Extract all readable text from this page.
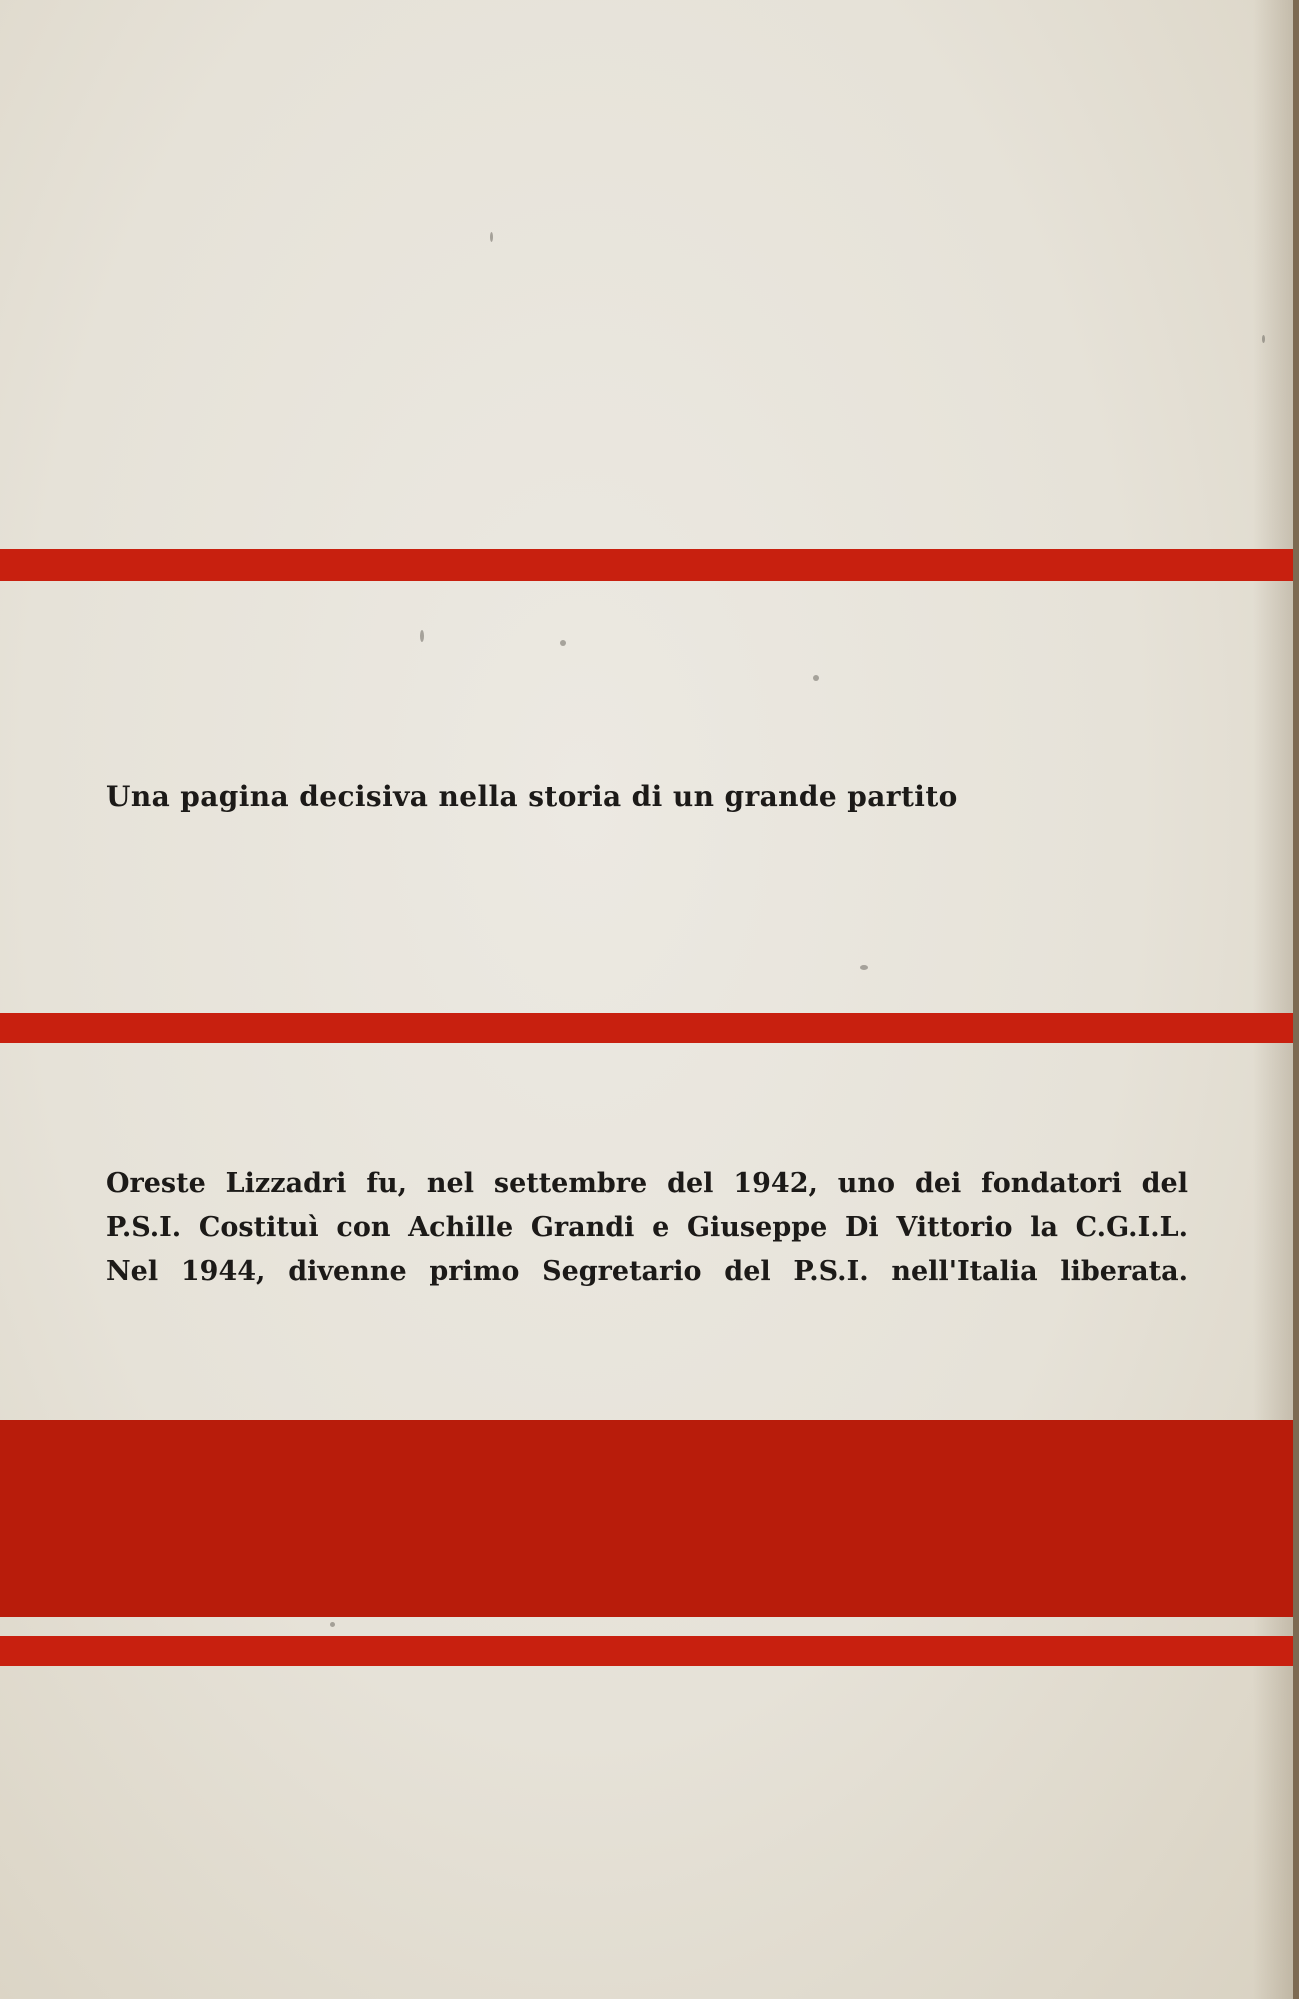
Una pagina decisiva nella storia di un grande partito
Oreste Lizzadri fu, nel settembre del 1942, uno dei fondatori del
P.S.I. Costituì con Achille Grandi e Giuseppe Di Vittorio la C.G.I.L.
Nel 1944, divenne primo Segretario del P.S.I. nell'Italia liberata.
